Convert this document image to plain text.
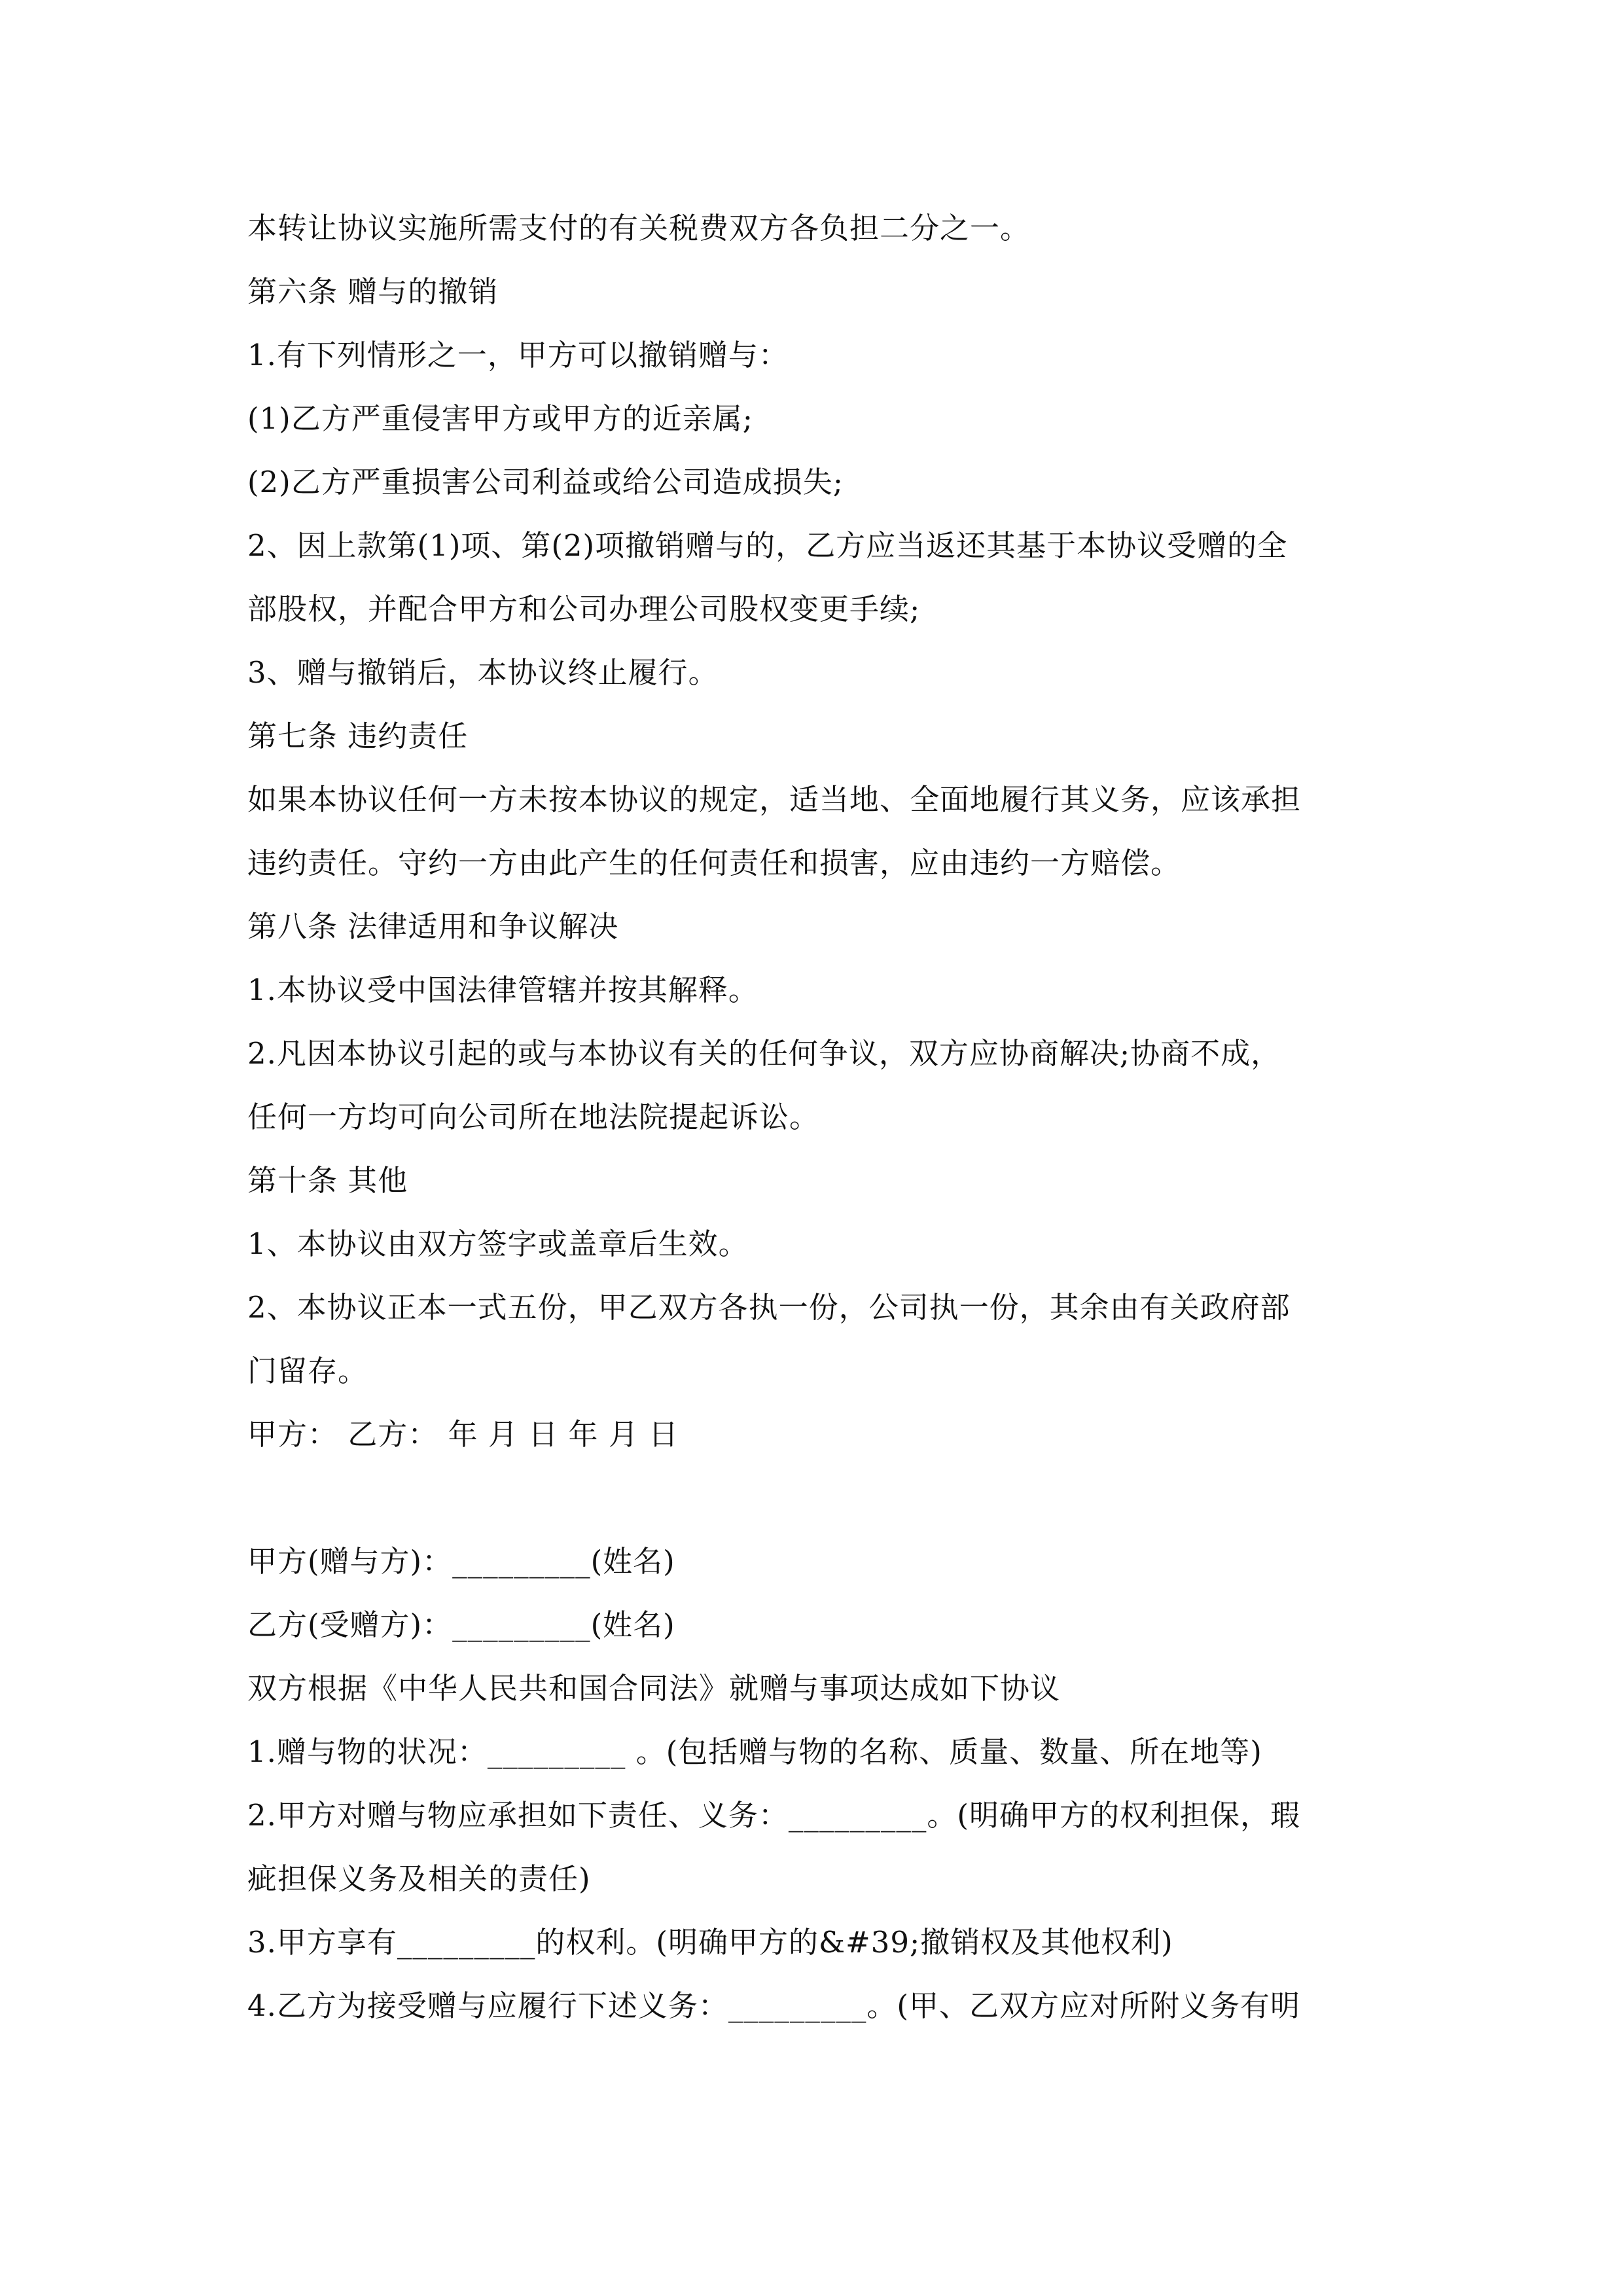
本转让协议实施所需支付的有关税费双方各负担二分之一。
第六条 赠与的撤销
1.有下列情形之一，甲方可以撤销赠与：
(1)乙方严重侵害甲方或甲方的近亲属;
(2)乙方严重损害公司利益或给公司造成损失;
2、因上款第(1)项、第(2)项撤销赠与的，乙方应当返还其基于本协议受赠的全
部股权，并配合甲方和公司办理公司股权变更手续;
3、赠与撤销后，本协议终止履行。
第七条 违约责任
如果本协议任何一方未按本协议的规定，适当地、全面地履行其义务，应该承担
违约责任。守约一方由此产生的任何责任和损害，应由违约一方赔偿。
第八条 法律适用和争议解决
1.本协议受中国法律管辖并按其解释。
2.凡因本协议引起的或与本协议有关的任何争议，双方应协商解决;协商不成，
任何一方均可向公司所在地法院提起诉讼。
第十条 其他
1、本协议由双方签字或盖章后生效。
2、本协议正本一式五份，甲乙双方各执一份，公司执一份，其余由有关政府部
门留存。
甲方： 乙方： 年 月 日 年 月 日
甲方(赠与方)：_________(姓名)
乙方(受赠方)：_________(姓名)
双方根据《中华人民共和国合同法》就赠与事项达成如下协议
1.赠与物的状况：_________ 。(包括赠与物的名称、质量、数量、所在地等)
2.甲方对赠与物应承担如下责任、义务：_________。(明确甲方的权利担保，瑕
疵担保义务及相关的责任)
3.甲方享有_________的权利。(明确甲方的&#39;撤销权及其他权利)
4.乙方为接受赠与应履行下述义务：_________。(甲、乙双方应对所附义务有明
